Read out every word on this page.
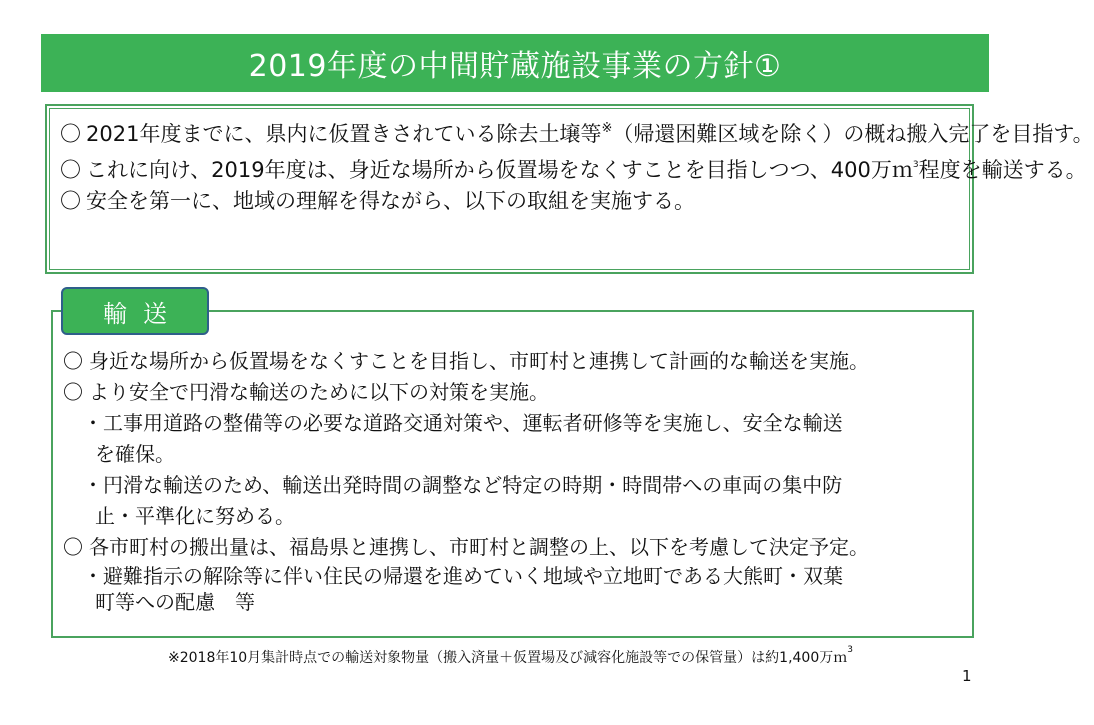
2019年度の中間貯蔵施設事業の方針①

〇 2021年度までに、県内に仮置きされている除去土壌等※（帰還困難区域を除く）の概ね搬入完了を目指す。

〇 これに向け、2019年度は、身近な場所から仮置場をなくすことを目指しつつ、400万ｍ$^3$程度を輸送する。

〇 安全を第一に、地域の理解を得ながら、以下の取組を実施する。

〇 身近な場所から仮置場をなくすことを目指し、市町村と連携して計画的な輸送を実施。

〇 より安全で円滑な輸送のために以下の対策を実施。

・工事用道路の整備等の必要な道路交通対策や、運転者研修等を実施し、安全な輸送

を確保。

・円滑な輸送のため、輸送出発時間の調整など特定の時期・時間帯への車両の集中防

止・平準化に努める。

〇 各市町村の搬出量は、福島県と連携し、市町村と調整の上、以下を考慮して決定予定。

・避難指示の解除等に伴い住民の帰還を進めていく地域や立地町である大熊町・双葉

町等への配慮　等

輸送
※2018年10月集計時点での輸送対象物量（搬入済量＋仮置場及び減容化施設等での保管量）は約1,400万ｍ$^3$
1
